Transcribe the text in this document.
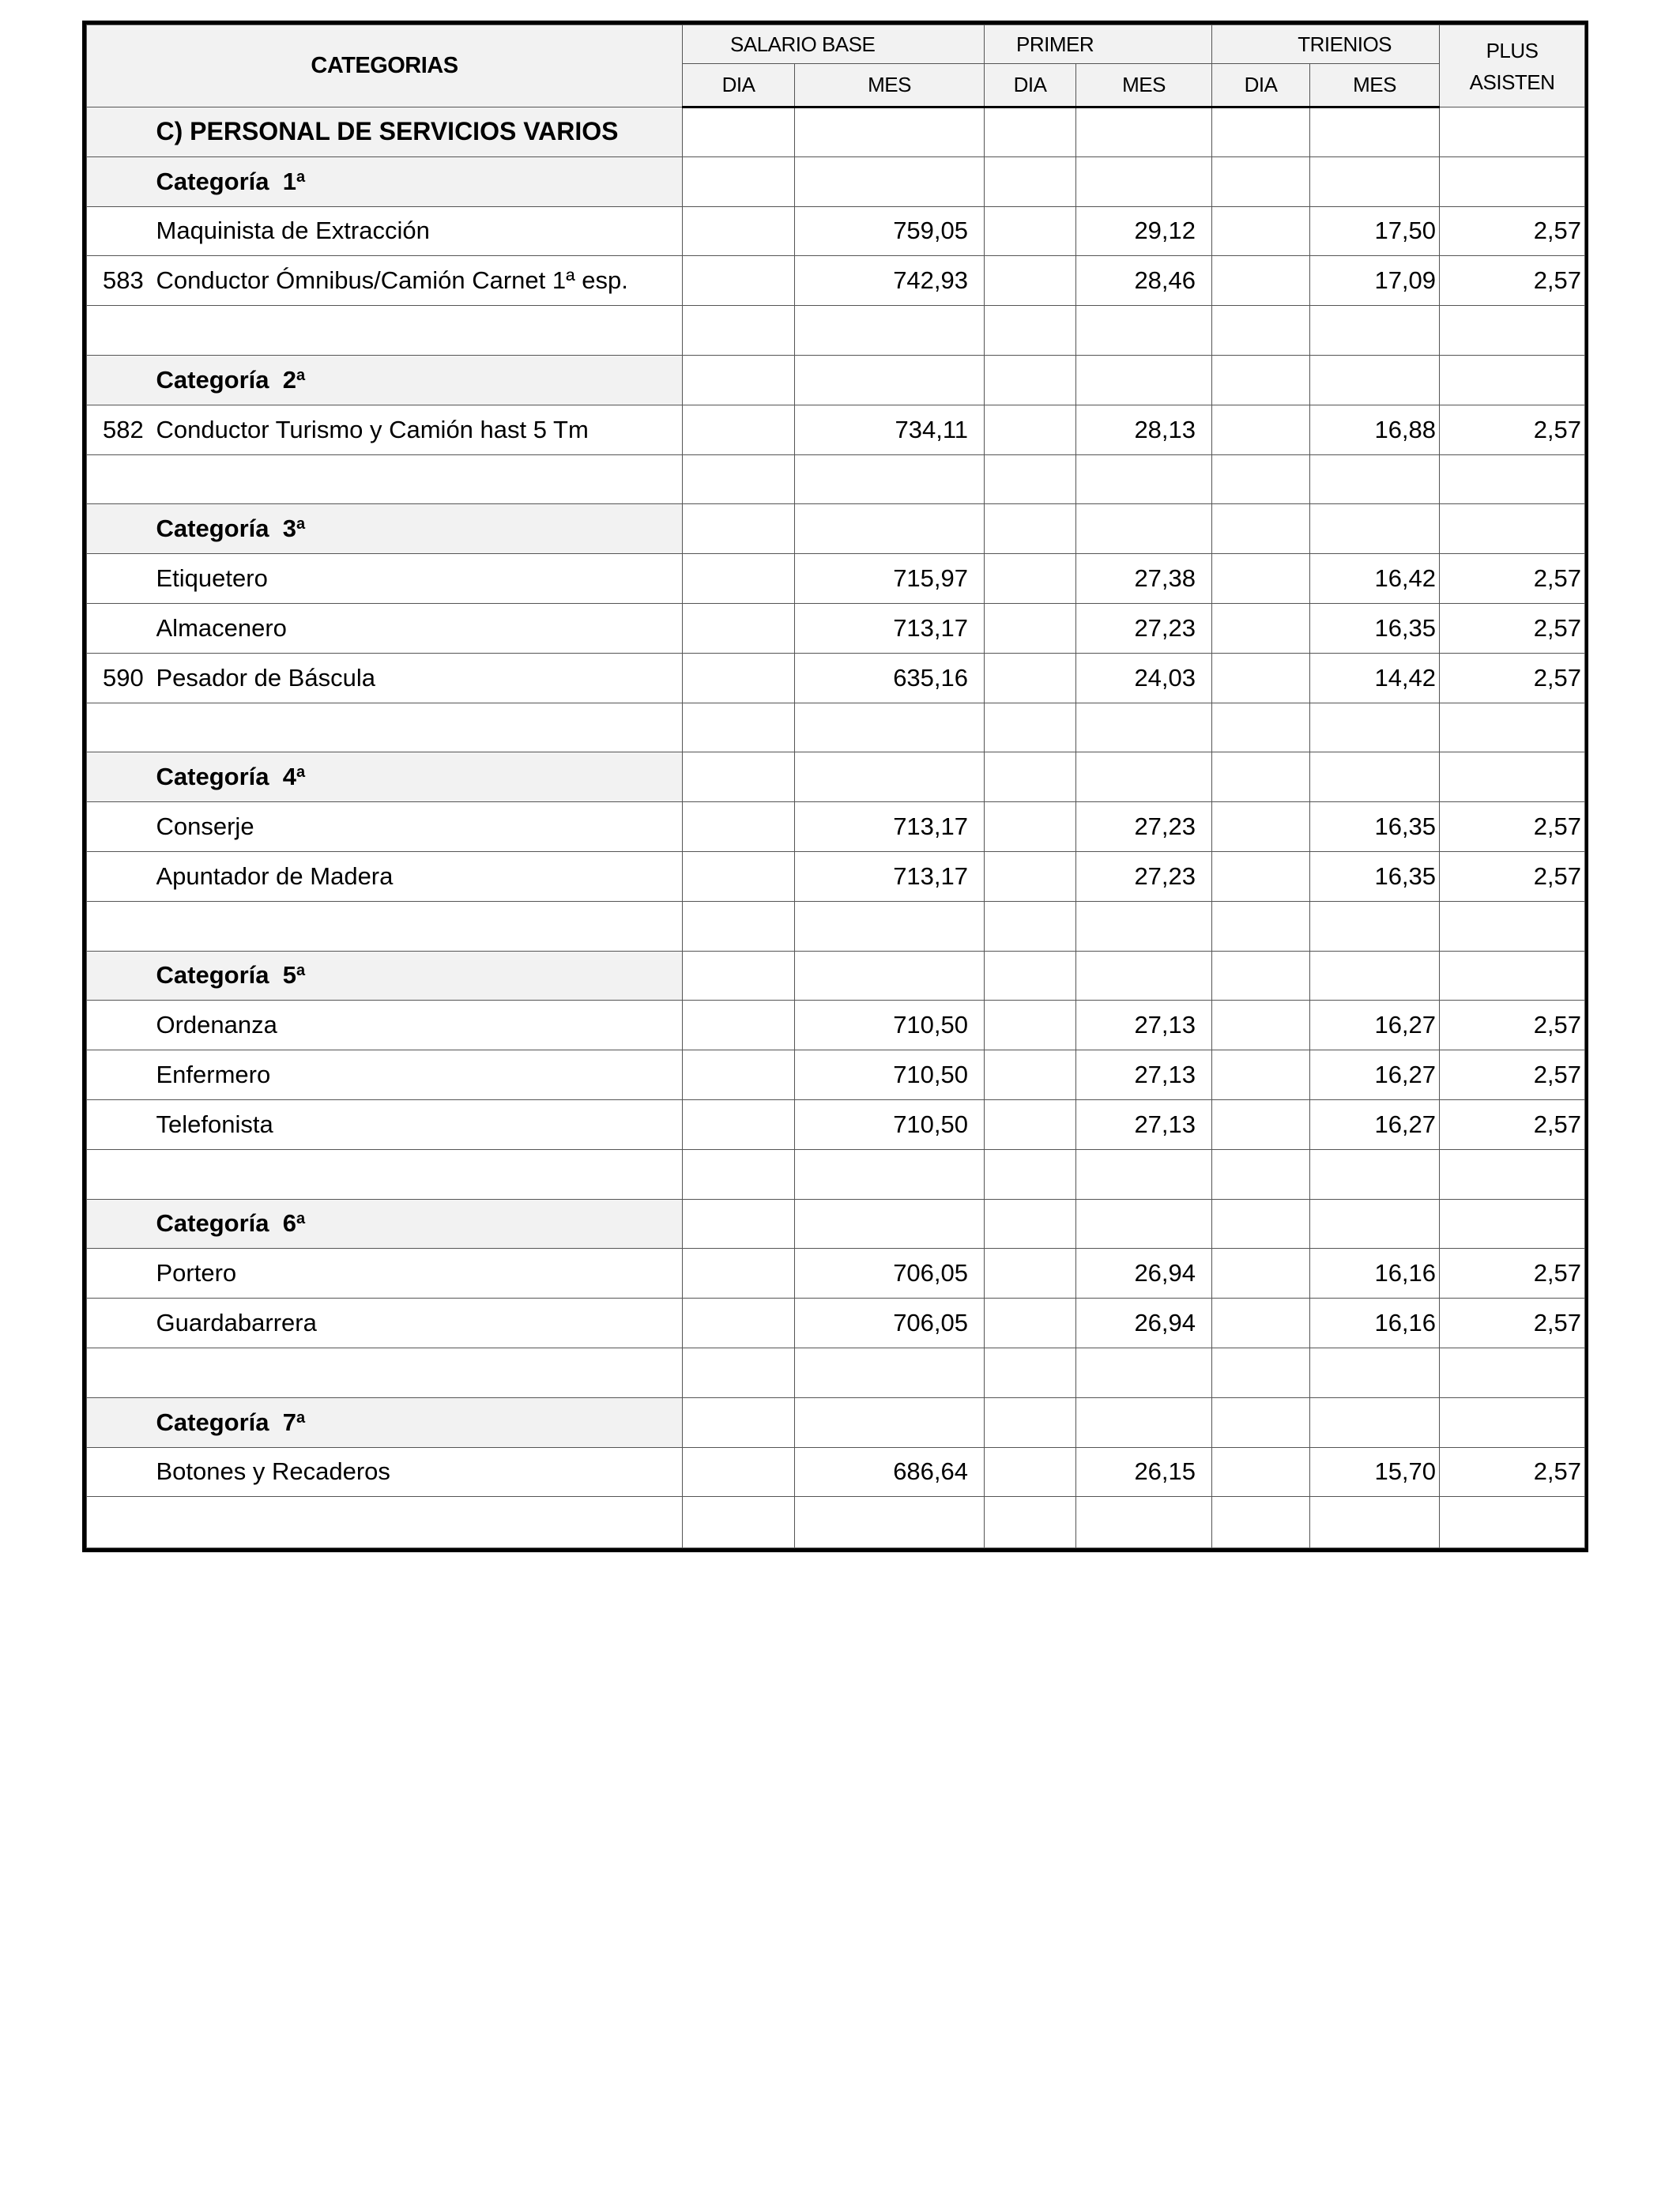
CATEGORIAS		SALARIO BASE		PRIMER		TRIENIOS		PLUS
ASISTEN
		DIA	MES	DIA	MES	DIA	MES	
	C) PERSONAL DE SERVICIOS VARIOS							
	Categoría 1$^a$							
	Maquinista de Extracción		759,05		29,12		17,50	2,57
583	Conductor Ómnibus/Camión Carnet 1ª esp.		742,93		28,46		17,09	2,57

	Categoría 2$^a$							
582	Conductor Turismo y Camión hast 5 Tm		734,11		28,13		16,88	2,57

	Categoría 3$^a$							
	Etiquetero		715,97		27,38		16,42	2,57
	Almacenero		713,17		27,23		16,35	2,57
590	Pesador de Báscula		635,16		24,03		14,42	2,57

	Categoría 4$^a$							
	Conserje		713,17		27,23		16,35	2,57
	Apuntador de Madera		713,17		27,23		16,35	2,57

	Categoría 5$^a$							
	Ordenanza		710,50		27,13		16,27	2,57
	Enfermero		710,50		27,13		16,27	2,57
	Telefonista		710,50		27,13		16,27	2,57

	Categoría 6$^a$							
	Portero		706,05		26,94		16,16	2,57
	Guardabarrera		706,05		26,94		16,16	2,57

	Categoría 7$^a$							
	Botones y Recaderos		686,64		26,15		15,70	2,57
